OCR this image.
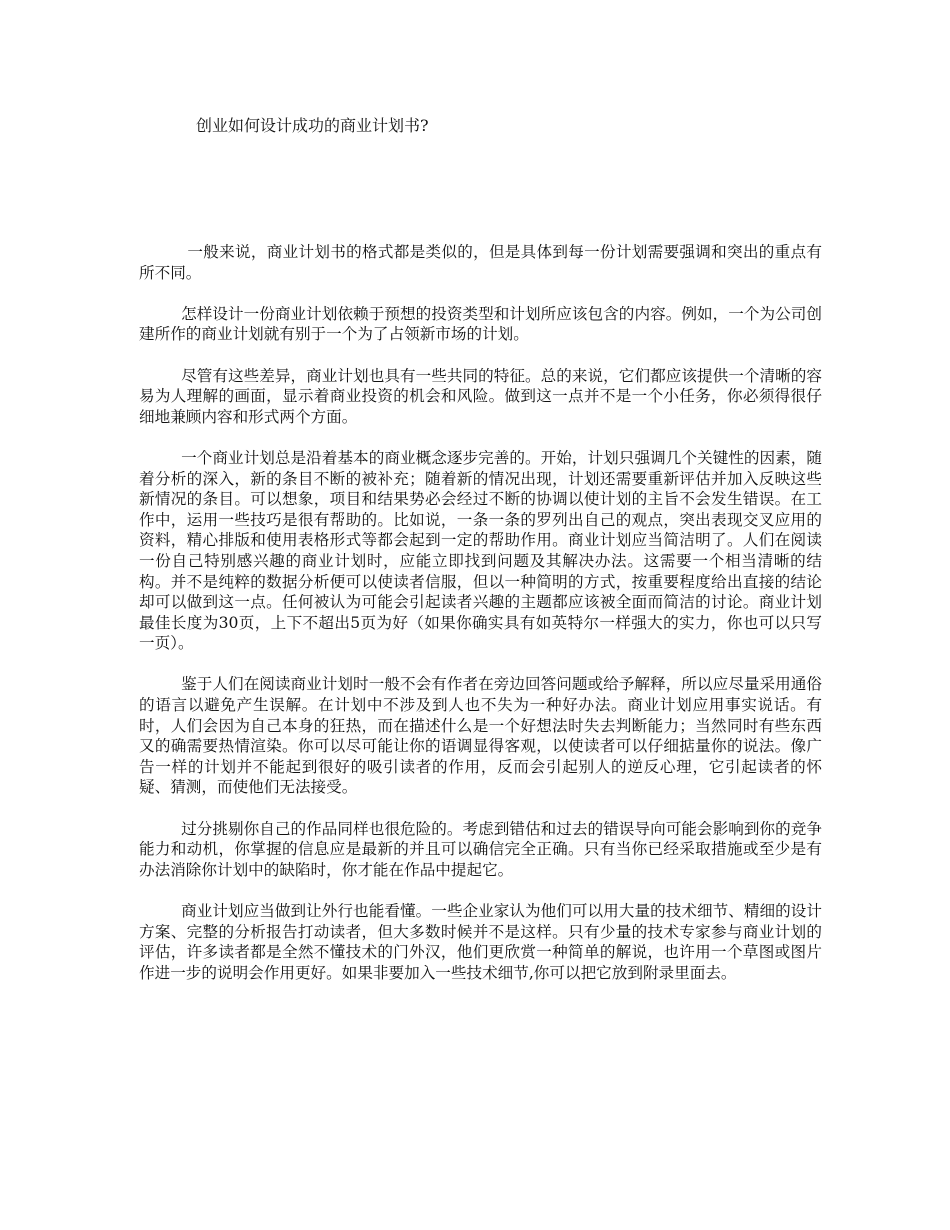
创业如何设计成功的商业计划书?

一般来说，商业计划书的格式都是类似的，但是具体到每一份计划需要强调和突出的重点有所不同。

怎样设计一份商业计划依赖于预想的投资类型和计划所应该包含的内容。例如，一个为公司创建所作的商业计划就有别于一个为了占领新市场的计划。

尽管有这些差异，商业计划也具有一些共同的特征。总的来说，它们都应该提供一个清晰的容易为人理解的画面，显示着商业投资的机会和风险。做到这一点并不是一个小任务，你必须得很仔细地兼顾内容和形式两个方面。

一个商业计划总是沿着基本的商业概念逐步完善的。开始，计划只强调几个关键性的因素，随着分析的深入，新的条目不断的被补充；随着新的情况出现，计划还需要重新评估并加入反映这些新情况的条目。可以想象，项目和结果势必会经过不断的协调以使计划的主旨不会发生错误。在工作中，运用一些技巧是很有帮助的。比如说，一条一条的罗列出自己的观点，突出表现交叉应用的资料，精心排版和使用表格形式等都会起到一定的帮助作用。商业计划应当简洁明了。人们在阅读一份自己特别感兴趣的商业计划时，应能立即找到问题及其解决办法。这需要一个相当清晰的结构。并不是纯粹的数据分析便可以使读者信服，但以一种简明的方式，按重要程度给出直接的结论却可以做到这一点。任何被认为可能会引起读者兴趣的主题都应该被全面而简洁的讨论。商业计划最佳长度为30页，上下不超出5页为好（如果你确实具有如英特尔一样强大的实力，你也可以只写一页）。

鉴于人们在阅读商业计划时一般不会有作者在旁边回答问题或给予解释，所以应尽量采用通俗的语言以避免产生误解。在计划中不涉及到人也不失为一种好办法。商业计划应用事实说话。有时，人们会因为自己本身的狂热，而在描述什么是一个好想法时失去判断能力；当然同时有些东西又的确需要热情渲染。你可以尽可能让你的语调显得客观，以使读者可以仔细掂量你的说法。像广告一样的计划并不能起到很好的吸引读者的作用，反而会引起别人的逆反心理，它引起读者的怀疑、猜测，而使他们无法接受。

过分挑剔你自己的作品同样也很危险的。考虑到错估和过去的错误导向可能会影响到你的竞争能力和动机，你掌握的信息应是最新的并且可以确信完全正确。只有当你已经采取措施或至少是有办法消除你计划中的缺陷时，你才能在作品中提起它。

商业计划应当做到让外行也能看懂。一些企业家认为他们可以用大量的技术细节、精细的设计方案、完整的分析报告打动读者，但大多数时候并不是这样。只有少量的技术专家参与商业计划的评估，许多读者都是全然不懂技术的门外汉，他们更欣赏一种简单的解说，也许用一个草图或图片作进一步的说明会作用更好。如果非要加入一些技术细节,你可以把它放到附录里面去。
